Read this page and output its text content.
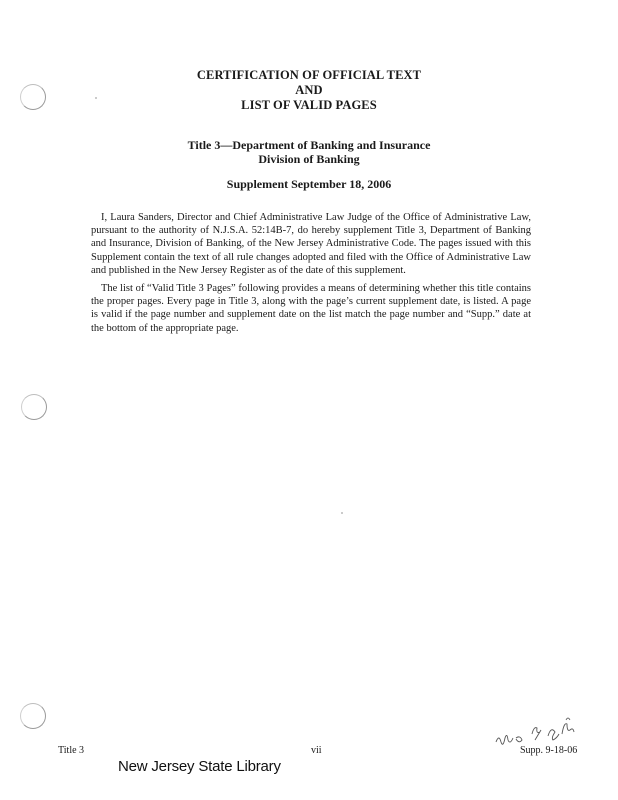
CERTIFICATION OF OFFICIAL TEXT
AND
LIST OF VALID PAGES
Title 3—Department of Banking and Insurance
Division of Banking
Supplement September 18, 2006

I, Laura Sanders, Director and Chief Administrative Law Judge of the Office of Administrative Law, pursuant to the authority of N.J.S.A. 52:14B-7, do hereby supplement Title 3, Department of Banking and Insurance, Division of Banking, of the New Jersey Administrative Code. The pages issued with this Supplement contain the text of all rule changes adopted and filed with the Office of Administrative Law and published in the New Jersey Register as of the date of this supplement.

The list of “Valid Title 3 Pages” following provides a means of determining whether this title contains the proper pages. Every page in Title 3, along with the page’s current supplement date, is listed. A page is valid if the page number and supplement date on the list match the page number and “Supp.” date at the bottom of the appropriate page.

Title 3	vii	Supp. 9-18-06
New Jersey State Library
